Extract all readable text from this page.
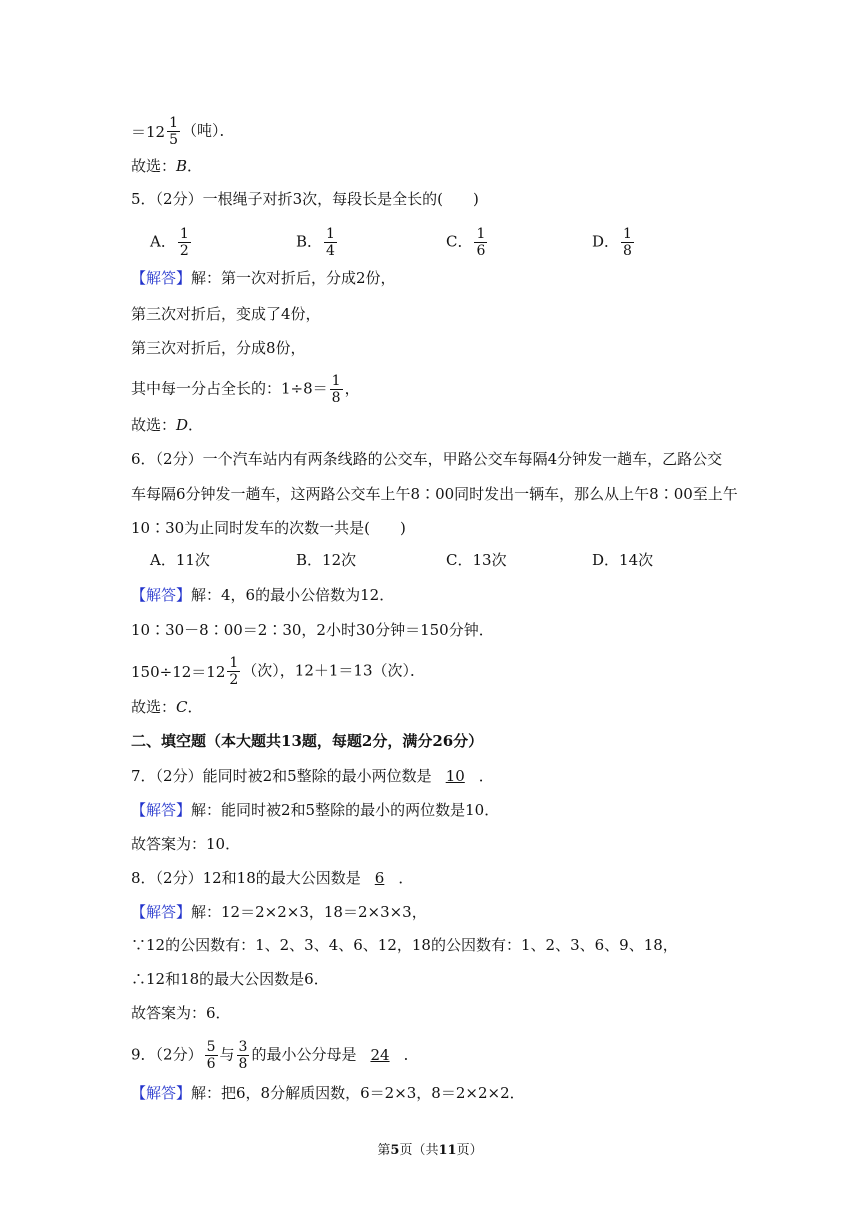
$=12 \frac{1}{5}$ （吨）．
故选：B．
5．（2分）一根绳子对折3次，每段长是全长的(　　)
A． $\frac{1}{2}$	B． $\frac{1}{4}$	C． $\frac{1}{6}$	D． $\frac{1}{8}$
【解答】解：第一次对折后，分成2份，
第三次对折后，变成了4份，
第三次对折后，分成8份，
其中每一分占全长的：$1\div 8= \frac{1}{8}$ ，
故选：D．
6．（2分）一个汽车站内有两条线路的公交车，甲路公交车每隔4分钟发一趟车，乙路公交
车每隔6分钟发一趟车，这两路公交车上午8∶00同时发出一辆车，那么从上午8∶00至上午
10∶30为止同时发车的次数一共是(　　)
A．11次	B．12次	C．13次	D．14次
【解答】解：4，6的最小公倍数为12．
10∶30－8∶00＝2∶30，2小时30分钟＝150分钟．
$150\div 12=12 \frac{1}{2}$ （次），12＋1＝13（次）．
故选：C．
二、填空题（本大题共13题，每题2分，满分26分）
7．（2分）能同时被2和5整除的最小两位数是 10 ．
【解答】解：能同时被2和5整除的最小的两位数是10．
故答案为：10．
8．（2分）12和18的最大公因数是 6 ．
【解答】解：12＝2×2×3，18＝2×3×3，
∵12的公因数有：1、2、3、4、6、12，18的公因数有：1、2、3、6、9、18，
∴12和18的最大公因数是6．
故答案为：6．
9．（2分） $\frac{5}{6}$ 与 $\frac{3}{8}$ 的最小公分母是 24 ．
【解答】解：把6，8分解质因数，6＝2×3，8＝2×2×2．
第5页（共11页）
